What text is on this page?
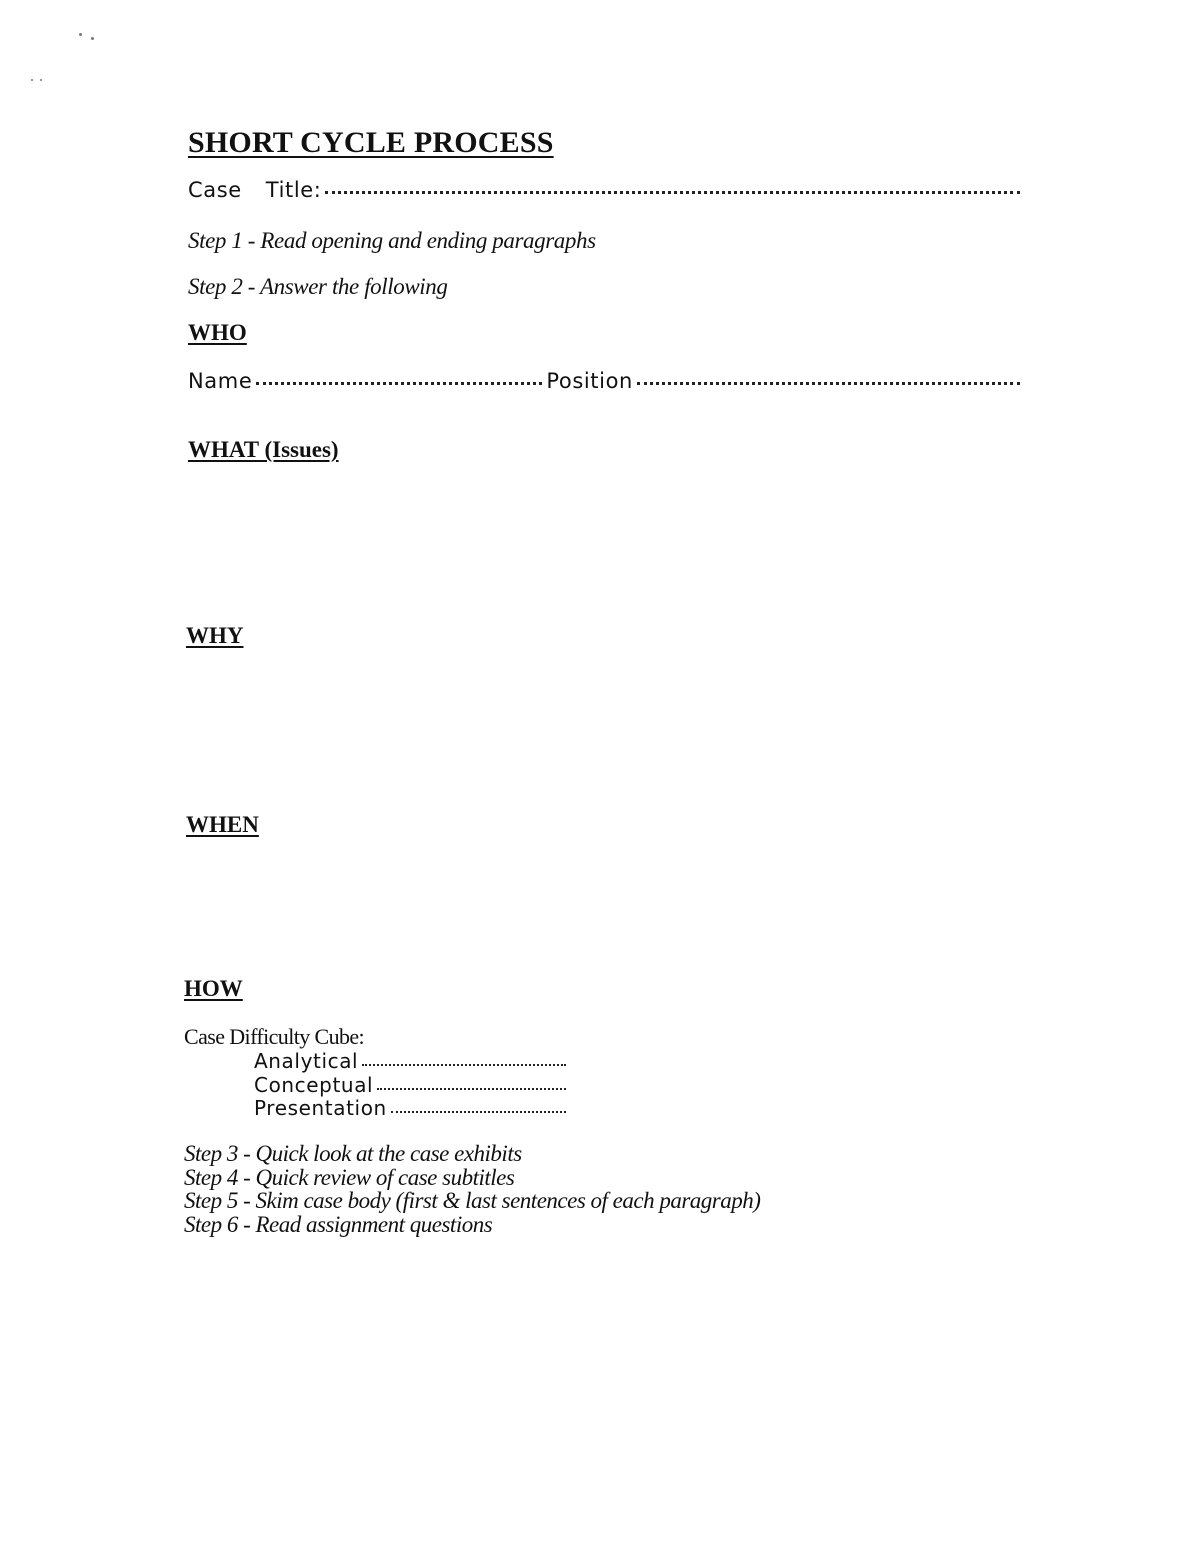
SHORT CYCLE PROCESS
Case Title:
Step 1 - Read opening and ending paragraphs
Step 2 - Answer the following
WHO
Name	Position
WHAT (Issues)
WHY
WHEN
HOW
Case Difficulty Cube:
Analytical
Conceptual
Presentation
Step 3 - Quick look at the case exhibits
Step 4 - Quick review of case subtitles
Step 5 - Skim case body (first & last sentences of each paragraph)
Step 6 - Read assignment questions
